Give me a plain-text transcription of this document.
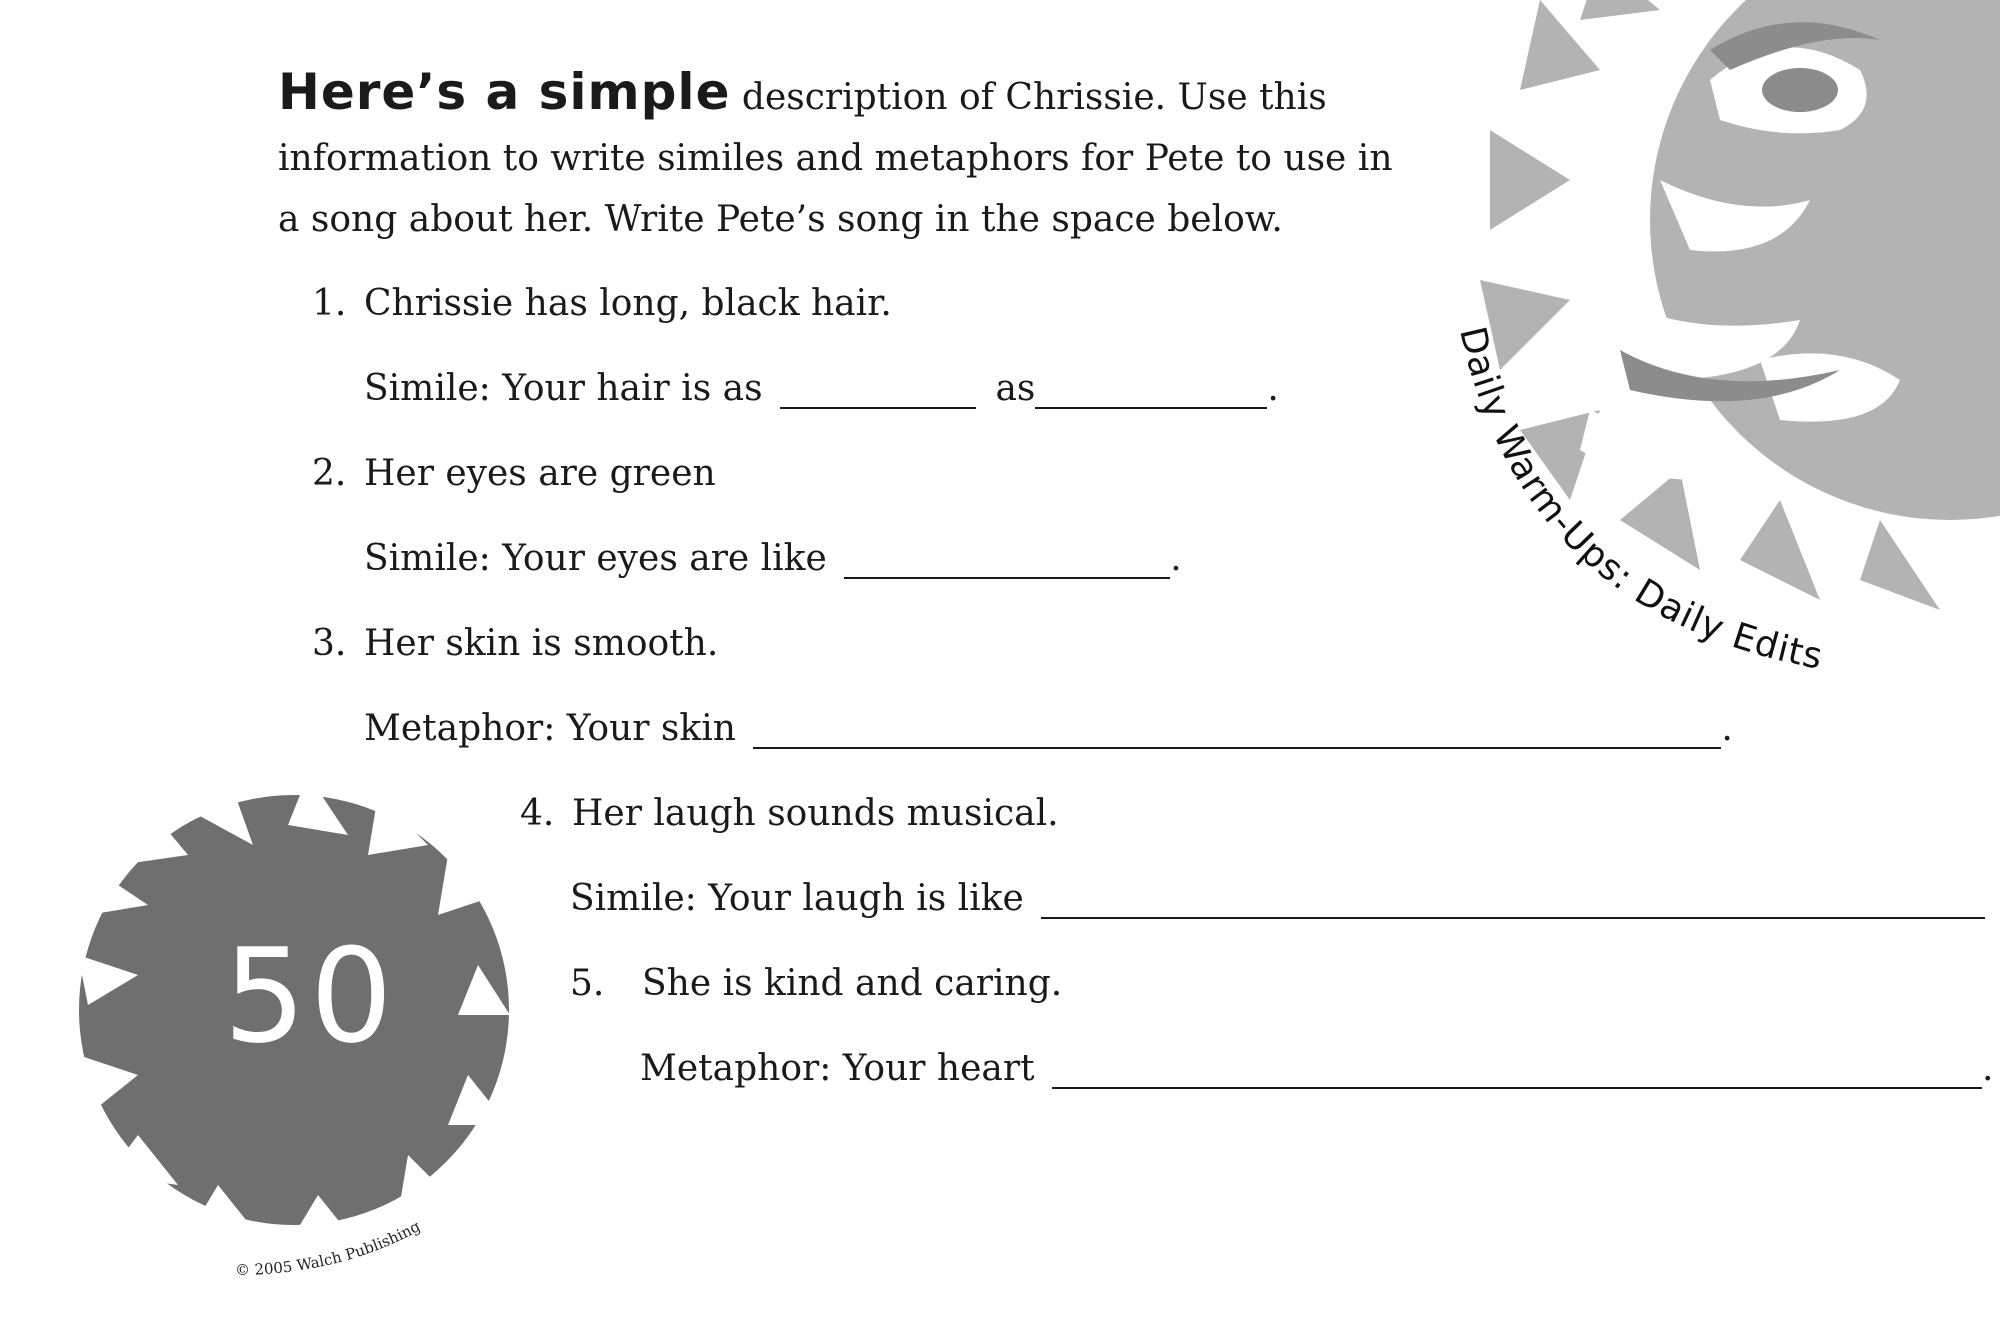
Daily Warm-Ups: Daily Edits
Here’s a simple description of Chrissie. Use this information to write similes and metaphors for Pete to use in a song about her. Write Pete’s song in the space below.
1. Chrissie has long, black hair.
Simile: Your hair is as	as	.
2. Her eyes are green
Simile: Your eyes are like	.
3. Her skin is smooth.
Metaphor: Your skin	.
50
© 2005 Walch Publishing
4. Her laugh sounds musical.
Simile: Your laugh is like
5. She is kind and caring.
Metaphor: Your heart	.
